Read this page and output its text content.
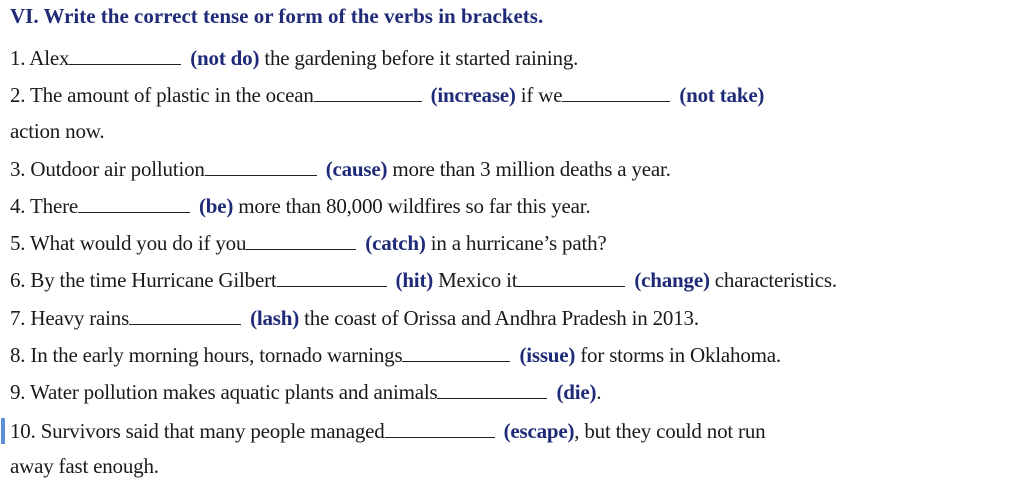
VI. Write the correct tense or form of the verbs in brackets.
1. Alex	(not do) the gardening before it started raining.
2. The amount of plastic in the ocean	(increase) if we	(not take)
action now.
3. Outdoor air pollution	(cause) more than 3 million deaths a year.
4. There	(be) more than 80,000 wildfires so far this year.
5. What would you do if you	(catch) in a hurricane’s path?
6. By the time Hurricane Gilbert	(hit) Mexico it	(change) characteristics.
7. Heavy rains	(lash) the coast of Orissa and Andhra Pradesh in 2013.
8. In the early morning hours, tornado warnings	(issue) for storms in Oklahoma.
9. Water pollution makes aquatic plants and animals	(die).
10. Survivors said that many people managed	(escape), but they could not run
away fast enough.
